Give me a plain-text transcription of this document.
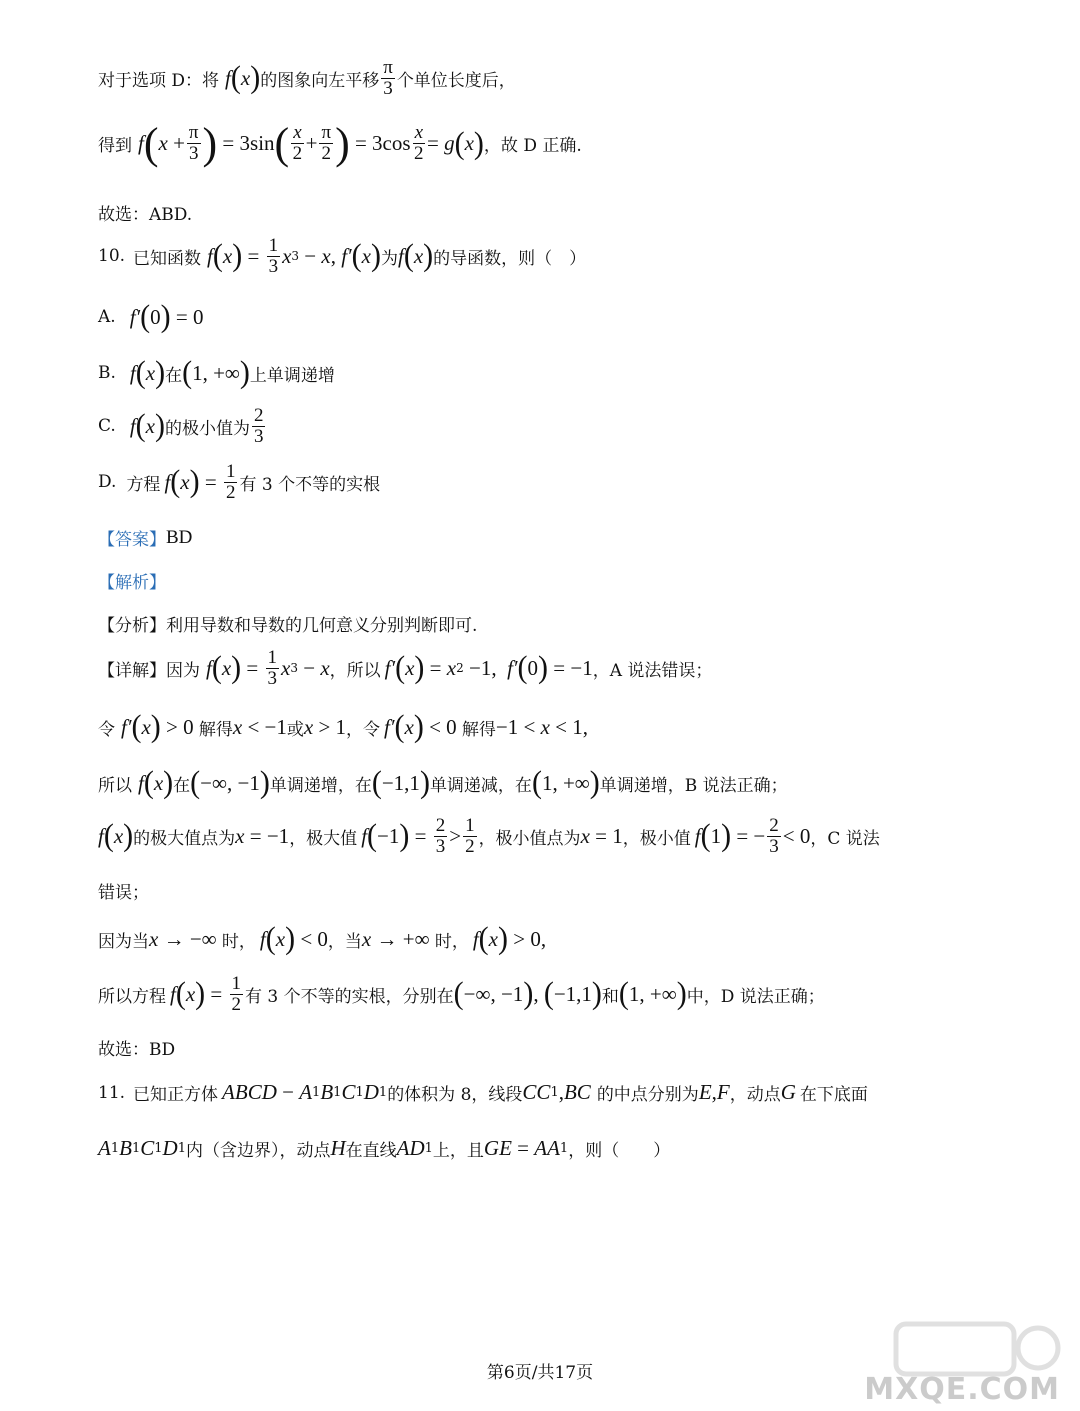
对于选项 D：将 f ( x ) 的图象向左平移 $\frac{\pi}{3}$ 个单位长度后，
得到 f ( $x + \frac{\pi}{3}$ ) = 3sin ( $\frac{x}{2} + \frac{\pi}{2}$ ) = $3\cos \frac{x}{2} = g$ ( x ) ，故 D 正确.
故选：ABD.
10. 已知函数 f ( x ) = $\frac{1}{3}$ x 3 − x , f′ ( x ) 为 f ( x ) 的导函数，则（　）
A. f′ ( 0 ) = 0
B. f ( x ) 在 ( 1, +∞ ) 上单调递增
C. f ( x ) 的极小值为 $\frac{2}{3}$
D. 方程 f ( x ) = $\frac{1}{2}$ 有 3 个不等的实根
【答案】 BD
【解析】
【分析】 利用导数和导数的几何意义分别判断即可.
【详解】 因为 f ( x ) = $\frac{1}{3}$ x 3 − x ，所以 f′ ( x ) = x 2 −1, f′ ( 0 ) = −1 ，A 说法错误；
令 f′ ( x ) > 0 解得 x < −1 或 x > 1 ，令 f′ ( x ) < 0 解得 −1 < x < 1,
所以 f ( x ) 在 ( −∞, −1 ) 单调递增，在 ( −1,1 ) 单调递减，在 ( 1, +∞ ) 单调递增，B 说法正确；
f ( x ) 的极大值点为 x = −1 ，极大值 f ( −1 ) = $\frac{2}{3} > \frac{1}{2}$ ，极小值点为 x = 1 ，极小值 f ( 1 ) = − $\frac{2}{3} < 0$ ，C 说法
错误；
因为当 x → −∞ 时， f ( x ) < 0 ，当 x → +∞ 时， f ( x ) > 0,
所以方程 f ( x ) = $\frac{1}{2}$ 有 3 个不等的实根，分别在 ( −∞, −1 ) , ( −1,1 ) 和 ( 1, +∞ ) 中，D 说法正确；
故选：BD
11. 已知正方体 ABCD − A 1 B 1 C 1 D 1 的体积为 8，线段 CC 1 , BC 的中点分别为 E , F ，动点 G 在下底面
A 1 B 1 C 1 D 1 内（含边界），动点 H 在直线 AD 1 上，且 GE = AA 1 ，则（　　）
第6页/共17页	MXQE.COM
